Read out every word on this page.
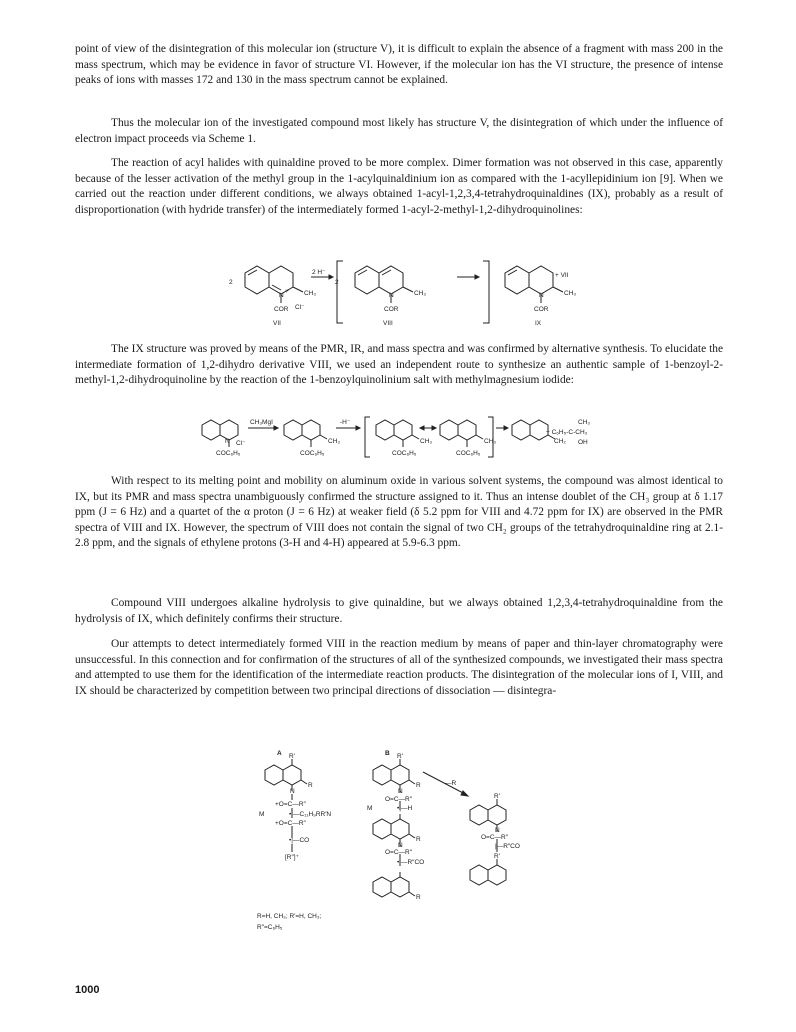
point of view of the disintegration of this molecular ion (structure V), it is difficult to explain the absence of a fragment with mass 200 in the mass spectrum, which may be evidence in favor of structure VI. However, if the molecular ion has the VI structure, the presence of intense peaks of ions with masses 172 and 130 in the mass spectrum cannot be explained.

Thus the molecular ion of the investigated compound most likely has structure V, the disintegration of which under the influence of electron impact proceeds via Scheme 1.

The reaction of acyl halides with quinaldine proved to be more complex. Dimer formation was not observed in this case, apparently because of the lesser activation of the methyl group in the 1-acylquinaldinium ion as compared with the 1-acyllepidinium ion [9]. When we carried out the reaction under different conditions, we always obtained 1-acyl-1,2,3,4-tetrahydroquinaldines (IX), probably as a result of disproportionation (with hydride transfer) of the intermediately formed 1-acyl-2-methyl-1,2-dihydroquinolines:

2
N
+ CH₃
COR Cl⁻
2 H⁻
2
N	CH₃
COR
N	CH₃
COR
+ VII
VII	VIII	IX

The IX structure was proved by means of the PMR, IR, and mass spectra and was confirmed by alternative synthesis. To elucidate the intermediate formation of 1,2-dihydro derivative VIII, we used an independent route to synthesize an authentic sample of 1-benzoyl-2-methyl-1,2-dihydroquinoline by the reaction of the 1-benzoylquinolinium salt with methylmagnesium iodide:

N Cl⁻
COC₆H₅
CH₃MgI
CH₃
COC₆H₅
-H⁻
CH₃
COC₆H₅
CH₃
COC₆H₅
CH₂
+ C₆H₅-C-CH₃
CH₃
OH

With respect to its melting point and mobility on aluminum oxide in various solvent systems, the compound was almost identical to IX, but its PMR and mass spectra unambiguously confirmed the structure assigned to it. Thus an intense doublet of the CH₃ group at δ 1.17 ppm (J = 6 Hz) and a quartet of the α proton (J = 6 Hz) at weaker field (δ 5.2 ppm for VIII and 4.72 ppm for IX) are observed in the PMR spectra of VIII and IX. However, the spectrum of VIII does not contain the signal of two CH₂ groups of the tetrahydroquinaldine ring at 2.1-2.8 ppm, and the signals of ethylene protons (3-H and 4-H) appeared at 5.9-6.3 ppm.

Compound VIII undergoes alkaline hydrolysis to give quinaldine, but we always obtained 1,2,3,4-tetrahydroquinaldine from the hydrolysis of IX, which definitely confirms their structure.

Our attempts to detect intermediately formed VIII in the reaction medium by means of paper and thin-layer chromatography were unsuccessful. In this connection and for confirmation of the structures of all of the synthesized compounds, we investigated their mass spectra and attempted to use them for the identification of the intermediate reaction products. The disintegration of the molecular ions of I, VIII, and IX should be characterized by competition between two principal directions of dissociation — disintegra-

A	B
R′
R
N
+O=C—R″
M	•|—C₁₁H₉RR′N
+O=C—R″
•|—CO
[R″]⁺
R′
R
N
O=C—R″
M	•|—H
R
N
O=C—R″
•|—R″CO
R
—R
R′
N
O=C—R″
|—R″CO
R′
R=H, CH₃; R′=H, CH₃;
R″=C₆H₅
1000
